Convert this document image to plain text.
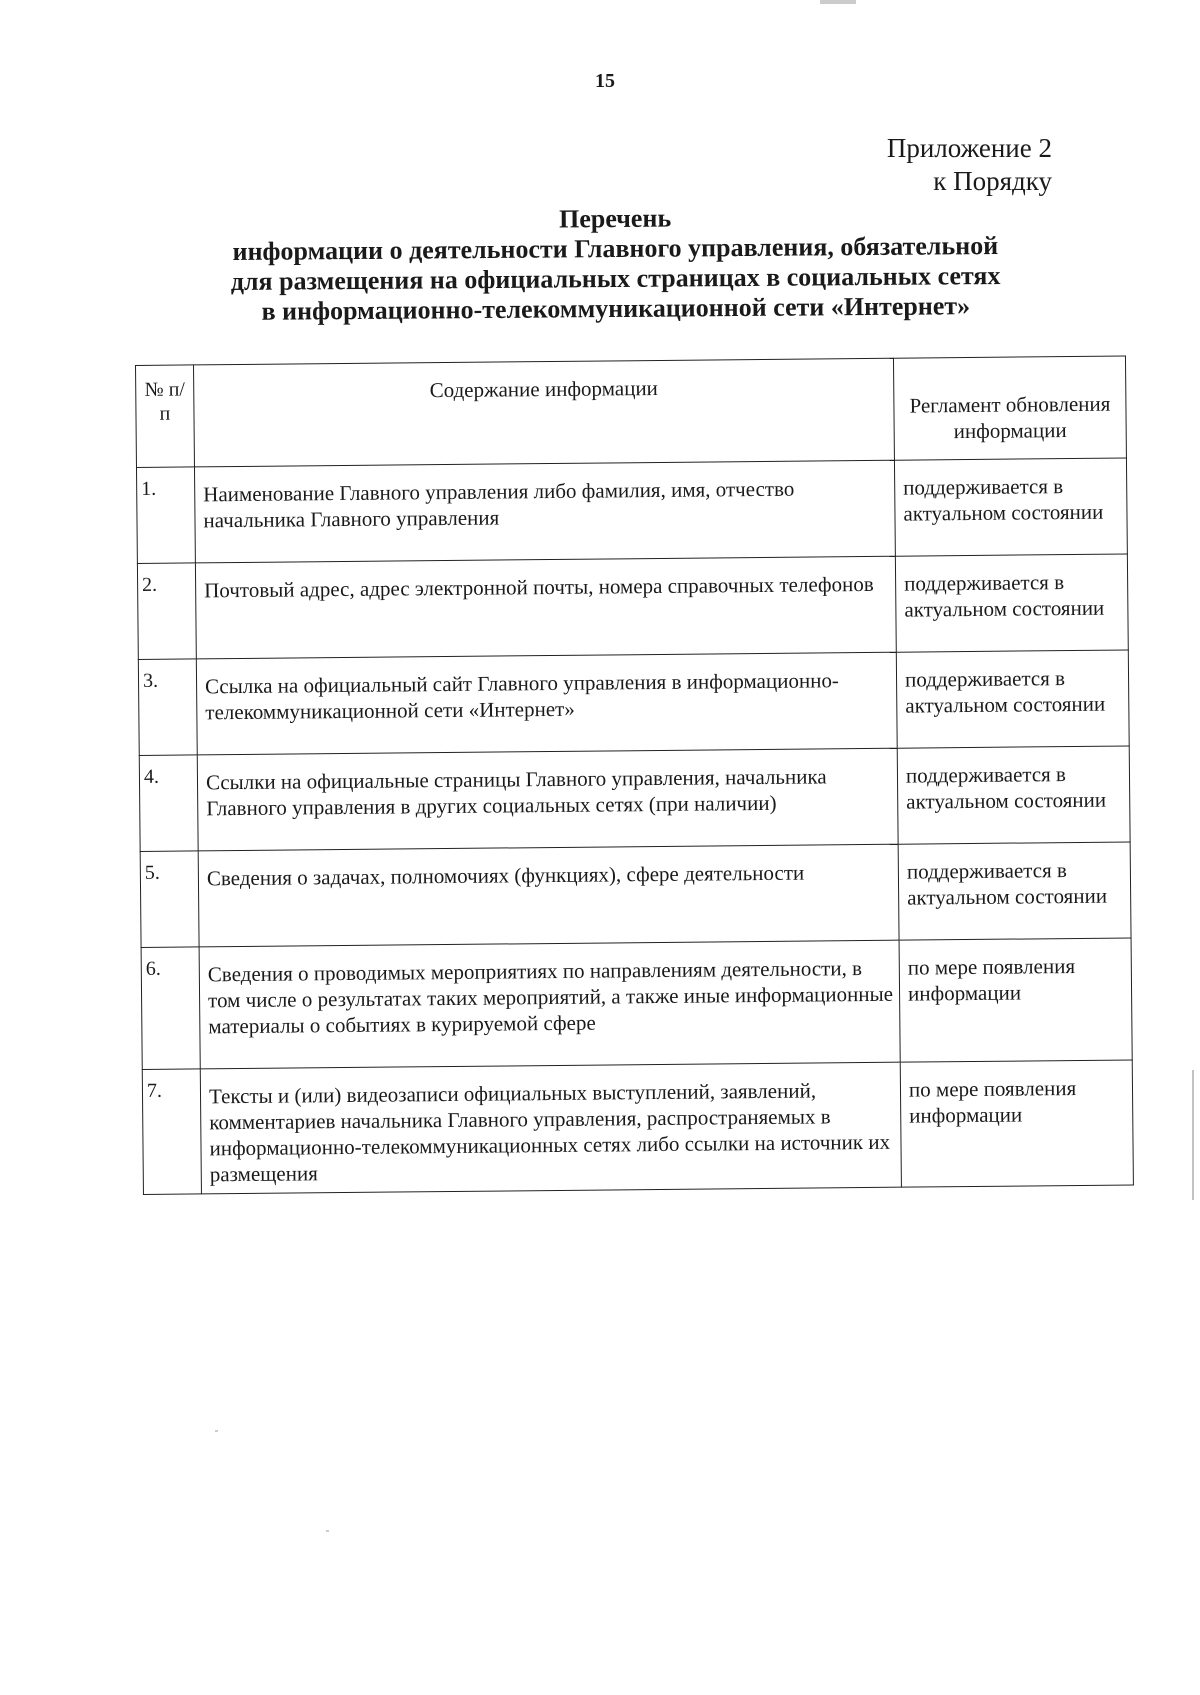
15
Приложение 2
к Порядку
Перечень
информации о деятельности Главного управления, обязательной
для размещения на официальных страницах в социальных сетях
в информационно-телекоммуникационной сети «Интернет»
№ п/п	Содержание информации	Регламент обновления информации
1.	Наименование Главного управления либо фамилия, имя, отчество начальника Главного управления	поддерживается в актуальном состоянии
2.	Почтовый адрес, адрес электронной почты, номера справочных телефонов	поддерживается в актуальном состоянии
3.	Ссылка на официальный сайт Главного управления в информационно-телекоммуникационной сети «Интернет»	поддерживается в актуальном состоянии
4.	Ссылки на официальные страницы Главного управления, начальника Главного управления в других социальных сетях (при наличии)	поддерживается в актуальном состоянии
5.	Сведения о задачах, полномочиях (функциях), сфере деятельности	поддерживается в актуальном состоянии
6.	Сведения о проводимых мероприятиях по направлениям деятельности, в том числе о результатах таких мероприятий, а также иные информационные материалы о событиях в курируемой сфере	по мере появления информации
7.	Тексты и (или) видеозаписи официальных выступлений, заявлений, комментариев начальника Главного управления, распространяемых в информационно-телекоммуникационных сетях либо ссылки на источник их размещения	по мере появления информации
